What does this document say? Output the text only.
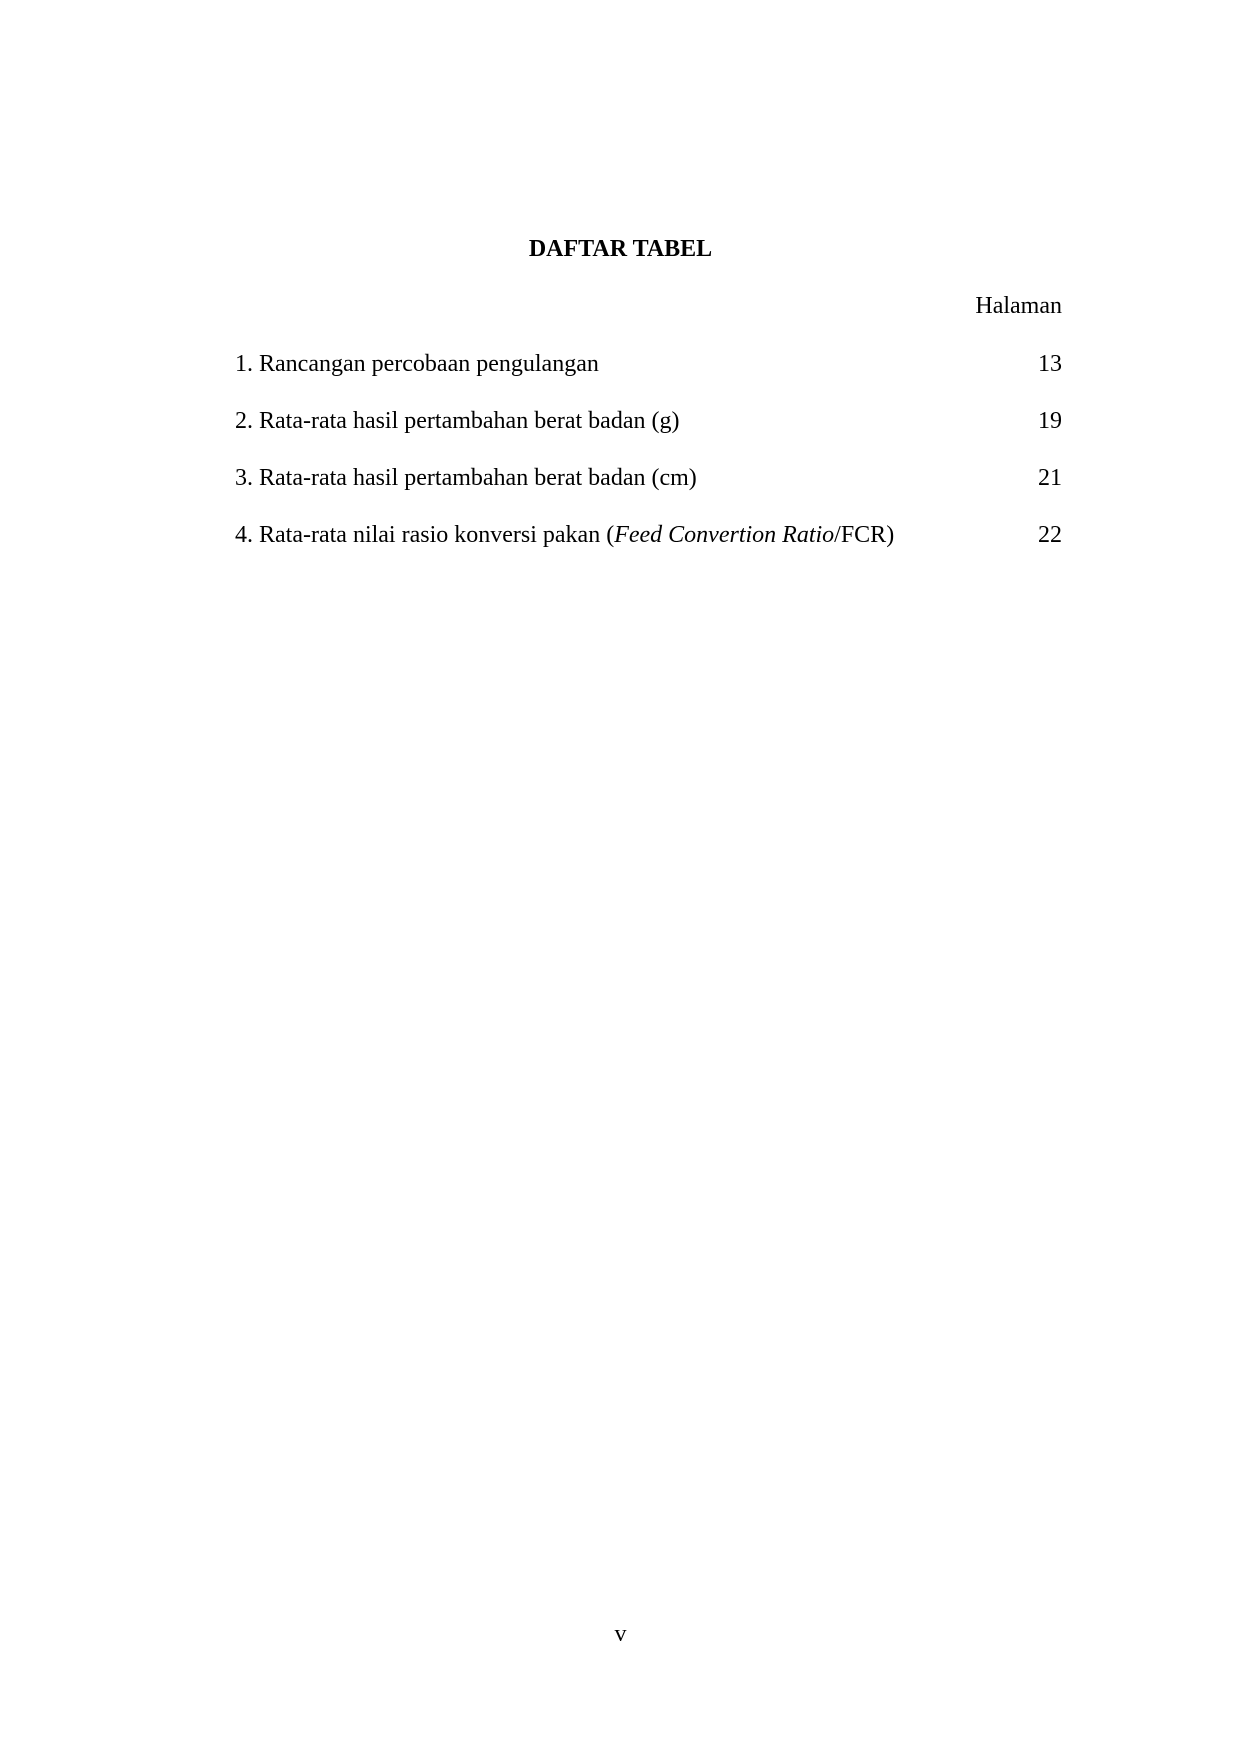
DAFTAR TABEL
Halaman
1. Rancangan percobaan pengulangan	13
2. Rata-rata hasil pertambahan berat badan (g)	19
3. Rata-rata hasil pertambahan berat badan (cm)	21
4. Rata-rata nilai rasio konversi pakan (Feed Convertion Ratio/FCR)	22
v
